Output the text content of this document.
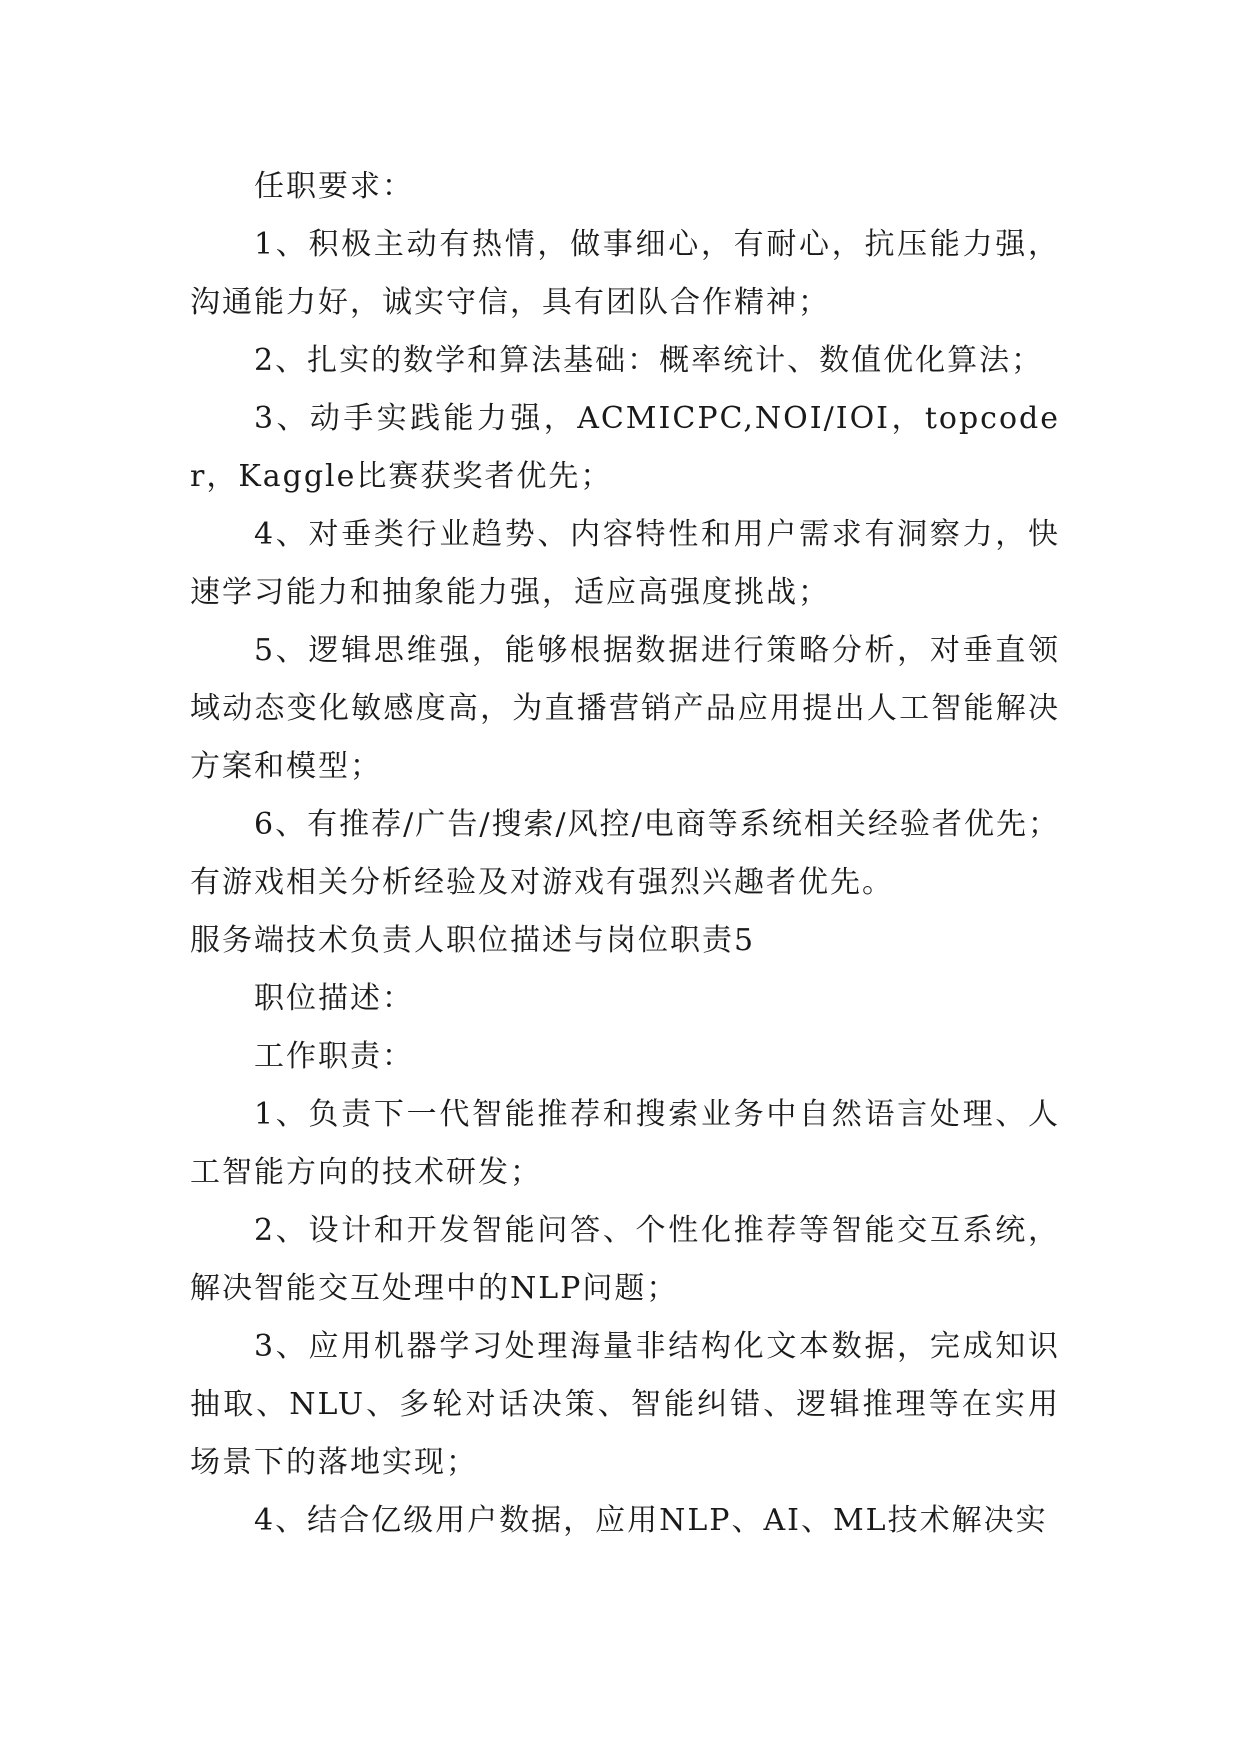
任职要求：

1、积极主动有热情，做事细心，有耐心，抗压能力强，沟通能力好，诚实守信，具有团队合作精神；

2、扎实的数学和算法基础：概率统计、数值优化算法；

3、动手实践能力强，ACMICPC,NOI/IOI，topcoder，Kaggle比赛获奖者优先；

4、对垂类行业趋势、内容特性和用户需求有洞察力，快速学习能力和抽象能力强，适应高强度挑战；

5、逻辑思维强，能够根据数据进行策略分析，对垂直领域动态变化敏感度高，为直播营销产品应用提出人工智能解决方案和模型；

6、有推荐/广告/搜索/风控/电商等系统相关经验者优先；有游戏相关分析经验及对游戏有强烈兴趣者优先。

服务端技术负责人职位描述与岗位职责5

职位描述：

工作职责：

1、负责下一代智能推荐和搜索业务中自然语言处理、人工智能方向的技术研发；

2、设计和开发智能问答、个性化推荐等智能交互系统，解决智能交互处理中的NLP问题；

3、应用机器学习处理海量非结构化文本数据，完成知识抽取、NLU、多轮对话决策、智能纠错、逻辑推理等在实用场景下的落地实现；

4、结合亿级用户数据，应用NLP、AI、ML技术解决实
